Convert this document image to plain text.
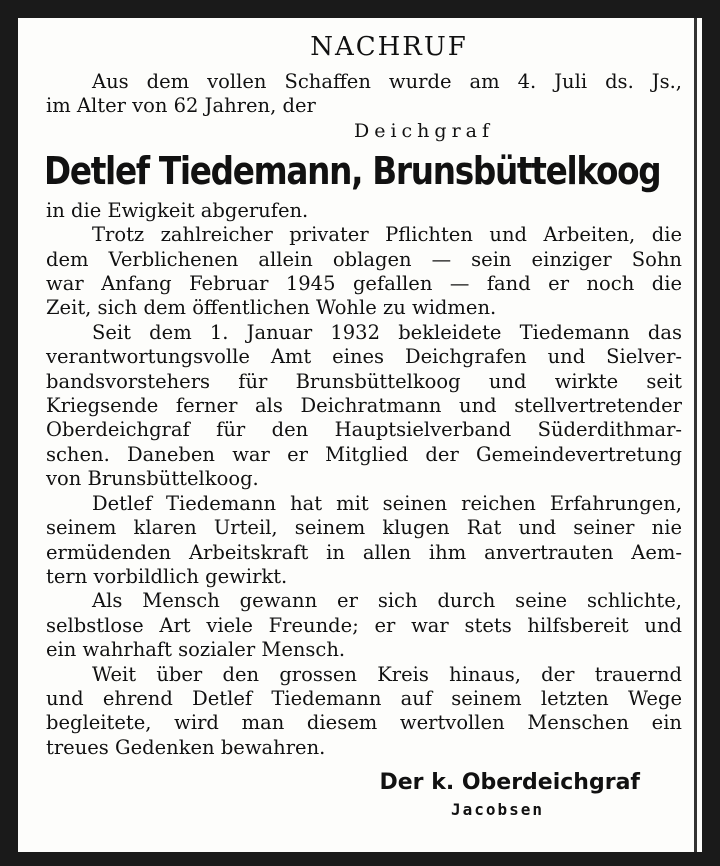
NACHRUF
Aus dem vollen Schaffen wurde am 4. Juli ds. Js.,
im Alter von 62 Jahren, der
Deichgraf
Detlef Tiedemann, Brunsbüttelkoog
in die Ewigkeit abgerufen.
Trotz zahlreicher privater Pflichten und Arbeiten, die
dem Verblichenen allein oblagen — sein einziger Sohn
war Anfang Februar 1945 gefallen — fand er noch die
Zeit, sich dem öffentlichen Wohle zu widmen.
Seit dem 1. Januar 1932 bekleidete Tiedemann das
verantwortungsvolle Amt eines Deichgrafen und Sielver-
bandsvorstehers für Brunsbüttelkoog und wirkte seit
Kriegsende ferner als Deichratmann und stellvertretender
Oberdeichgraf für den Hauptsielverband Süderdithmar-
schen. Daneben war er Mitglied der Gemeindevertretung
von Brunsbüttelkoog.
Detlef Tiedemann hat mit seinen reichen Erfahrungen,
seinem klaren Urteil, seinem klugen Rat und seiner nie
ermüdenden Arbeitskraft in allen ihm anvertrauten Aem-
tern vorbildlich gewirkt.
Als Mensch gewann er sich durch seine schlichte,
selbstlose Art viele Freunde; er war stets hilfsbereit und
ein wahrhaft sozialer Mensch.
Weit über den grossen Kreis hinaus, der trauernd
und ehrend Detlef Tiedemann auf seinem letzten Wege
begleitete, wird man diesem wertvollen Menschen ein
treues Gedenken bewahren.
Der k. Oberdeichgraf
Jacobsen
